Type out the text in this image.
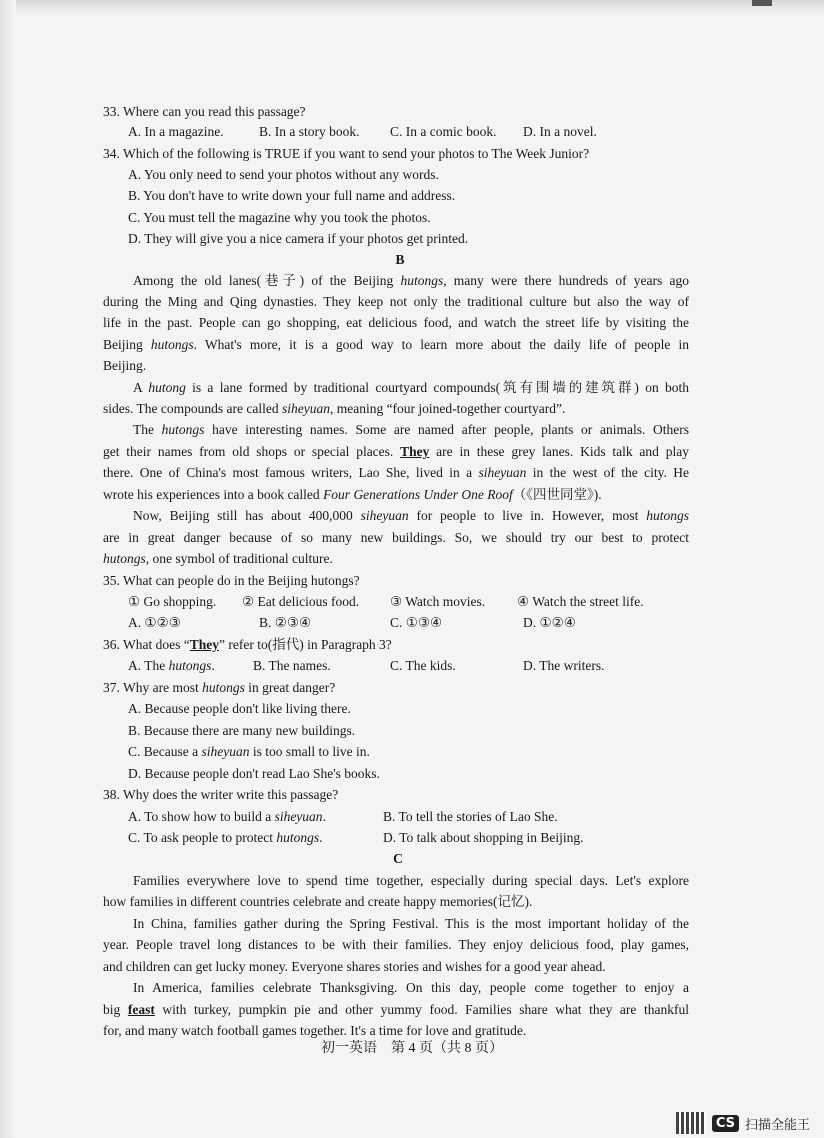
33. Where can you read this passage?
A. In a magazine.	B. In a story book. C. In a comic book. D. In a novel.
34. Which of the following is TRUE if you want to send your photos to The Week Junior?
A. You only need to send your photos without any words.
B. You don't have to write down your full name and address.
C. You must tell the magazine why you took the photos.
D. They will give you a nice camera if your photos get printed.
B
Among the old lanes(巷子) of the Beijing hutongs, many were there hundreds of years ago
during the Ming and Qing dynasties. They keep not only the traditional culture but also the way of
life in the past. People can go shopping, eat delicious food, and watch the street life by visiting the
Beijing hutongs. What's more, it is a good way to learn more about the daily life of people in
Beijing.
A hutong is a lane formed by traditional courtyard compounds(筑有围墙的建筑群) on both
sides. The compounds are called siheyuan, meaning “four joined-together courtyard”.
The hutongs have interesting names. Some are named after people, plants or animals. Others
get their names from old shops or special places. They are in these grey lanes. Kids talk and play
there. One of China's most famous writers, Lao She, lived in a siheyuan in the west of the city. He
wrote his experiences into a book called Four Generations Under One Roof（《四世同堂》).
Now, Beijing still has about 400,000 siheyuan for people to live in. However, most hutongs
are in great danger because of so many new buildings. So, we should try our best to protect
hutongs, one symbol of traditional culture.
35. What can people do in the Beijing hutongs?
① Go shopping. ② Eat delicious food. ③ Watch movies. ④ Watch the street life.
A. ①②③	B. ②③④	C. ①③④	D. ①②④
36. What does “They” refer to(指代) in Paragraph 3?
A. The hutongs.	B. The names.	C. The kids.	D. The writers.
37. Why are most hutongs in great danger?
A. Because people don't like living there.
B. Because there are many new buildings.
C. Because a siheyuan is too small to live in.
D. Because people don't read Lao She's books.
38. Why does the writer write this passage?
A. To show how to build a siheyuan.	B. To tell the stories of Lao She.
C. To ask people to protect hutongs.	D. To talk about shopping in Beijing.
C
Families everywhere love to spend time together, especially during special days. Let's explore
how families in different countries celebrate and create happy memories(记忆).
In China, families gather during the Spring Festival. This is the most important holiday of the
year. People travel long distances to be with their families. They enjoy delicious food, play games,
and children can get lucky money. Everyone shares stories and wishes for a good year ahead.
In America, families celebrate Thanksgiving. On this day, people come together to enjoy a
big feast with turkey, pumpkin pie and other yummy food. Families share what they are thankful
for, and many watch football games together. It's a time for love and gratitude.
初一英语　第 4 页（共 8 页）
CS 扫描全能王
